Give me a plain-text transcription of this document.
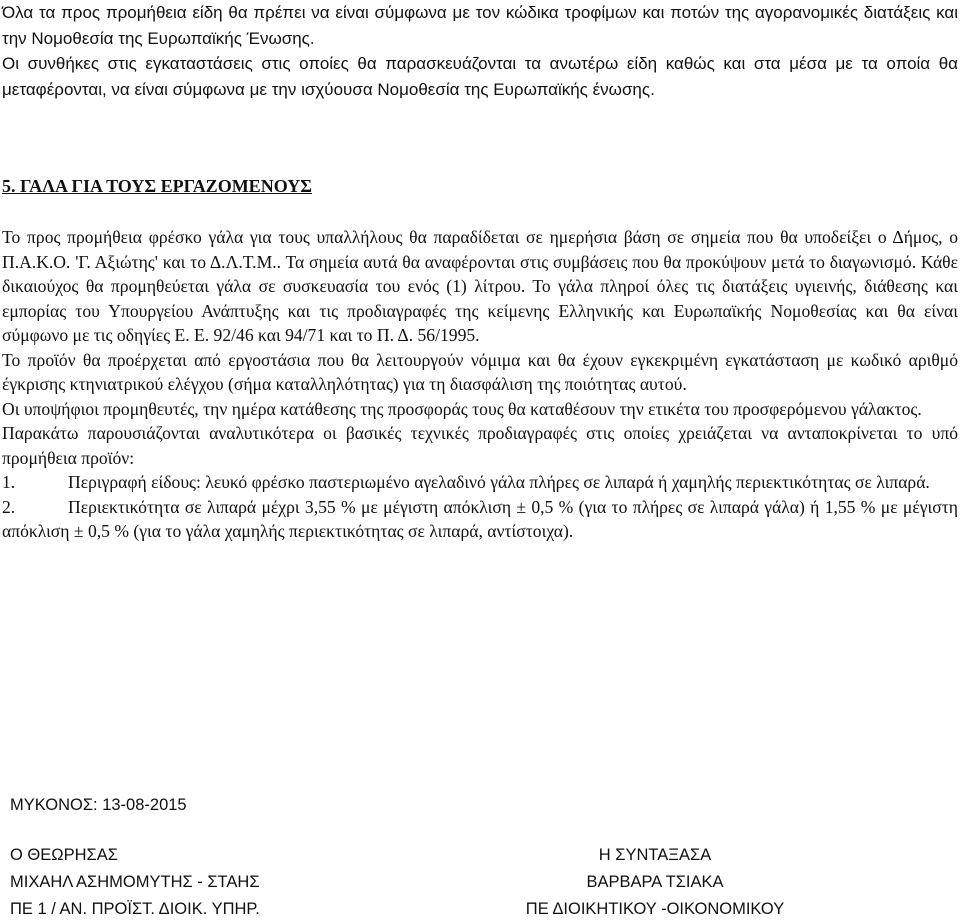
Όλα τα προς προμήθεια είδη θα πρέπει να είναι σύμφωνα με τον κώδικα τροφίμων και ποτών της αγορανομικές διατάξεις και την Νομοθεσία της Ευρωπαϊκής Ένωσης.
Οι συνθήκες στις εγκαταστάσεις στις οποίες θα παρασκευάζονται τα ανωτέρω είδη καθώς και στα μέσα με τα οποία θα μεταφέρονται, να είναι σύμφωνα με την ισχύουσα Νομοθεσία της Ευρωπαϊκής ένωσης.
5. ΓΑΛΑ ΓΙΑ ΤΟΥΣ ΕΡΓΑΖΟΜΕΝΟΥΣ

Το προς προμήθεια φρέσκο γάλα για τους υπαλλήλους θα παραδίδεται σε ημερήσια βάση σε σημεία που θα υποδείξει ο Δήμος, ο Π.Α.Κ.Ο. 'Γ. Αξιώτης' και το Δ.Λ.Τ.Μ.. Τα σημεία αυτά θα αναφέρονται στις συμβάσεις που θα προκύψουν μετά το διαγωνισμό. Κάθε δικαιούχος θα προμηθεύεται γάλα σε συσκευασία του ενός (1) λίτρου. Το γάλα πληροί όλες τις διατάξεις υγιεινής, διάθεσης και εμπορίας του Υπουργείου Ανάπτυξης και τις προδιαγραφές της κείμενης Ελληνικής και Ευρωπαϊκής Νομοθεσίας και θα είναι σύμφωνο με τις οδηγίες Ε. Ε. 92/46 και 94/71 και το Π. Δ. 56/1995.

Το προϊόν θα προέρχεται από εργοστάσια που θα λειτουργούν νόμιμα και θα έχουν εγκεκριμένη εγκατάσταση με κωδικό αριθμό έγκρισης κτηνιατρικού ελέγχου (σήμα καταλληλότητας) για τη διασφάλιση της ποιότητας αυτού.

Οι υποψήφιοι προμηθευτές, την ημέρα κατάθεσης της προσφοράς τους θα καταθέσουν την ετικέτα του προσφερόμενου γάλακτος.

Παρακάτω παρουσιάζονται αναλυτικότερα οι βασικές τεχνικές προδιαγραφές στις οποίες χρειάζεται να ανταποκρίνεται το υπό προμήθεια προϊόν:

1.	Περιγραφή είδους: λευκό φρέσκο παστεριωμένο αγελαδινό γάλα πλήρες σε λιπαρά ή χαμηλής περιεκτικότητας σε λιπαρά.

2.	Περιεκτικότητα σε λιπαρά μέχρι 3,55 % με μέγιστη απόκλιση ± 0,5 % (για το πλήρες σε λιπαρά γάλα) ή 1,55 % με μέγιστη απόκλιση ± 0,5 % (για το γάλα χαμηλής περιεκτικότητας σε λιπαρά, αντίστοιχα).

ΜΥΚΟΝΟΣ: 13-08-2015

Ο ΘΕΩΡΗΣΑΣ

ΜΙΧΑΗΛ ΑΣΗΜΟΜΥΤΗΣ - ΣΤΑΗΣ

ΠΕ 1 / ΑΝ. ΠΡΟΪΣΤ. ΔΙΟΙΚ. ΥΠΗΡ.

Η ΣΥΝΤΑΞΑΣΑ

ΒΑΡΒΑΡΑ ΤΣΙΑΚΑ

ΠΕ ΔΙΟΙΚΗΤΙΚΟΥ -ΟΙΚΟΝΟΜΙΚΟΥ
